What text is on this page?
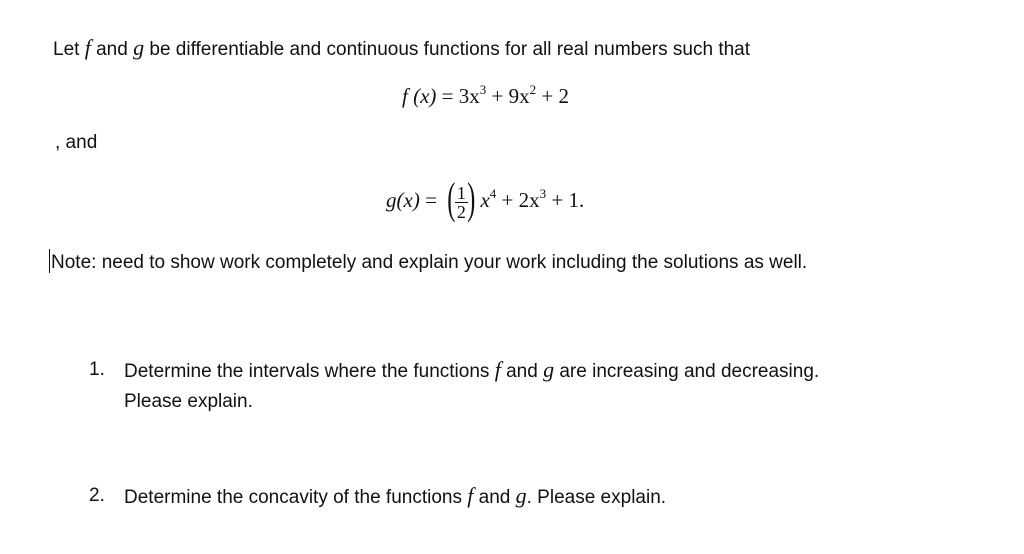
Let f and g be differentiable and continuous functions for all real numbers such that
f $(x) = 3x^3 + 9x^2 + 2$
, and
g(x) = ( $\frac{1}{2}$ ) $x^4 + 2x^3 + 1$.
Note: need to show work completely and explain your work including the solutions as well.
1. Determine the intervals where the functions f and g are increasing and decreasing.
Please explain.
2. Determine the concavity of the functions f and g. Please explain.
